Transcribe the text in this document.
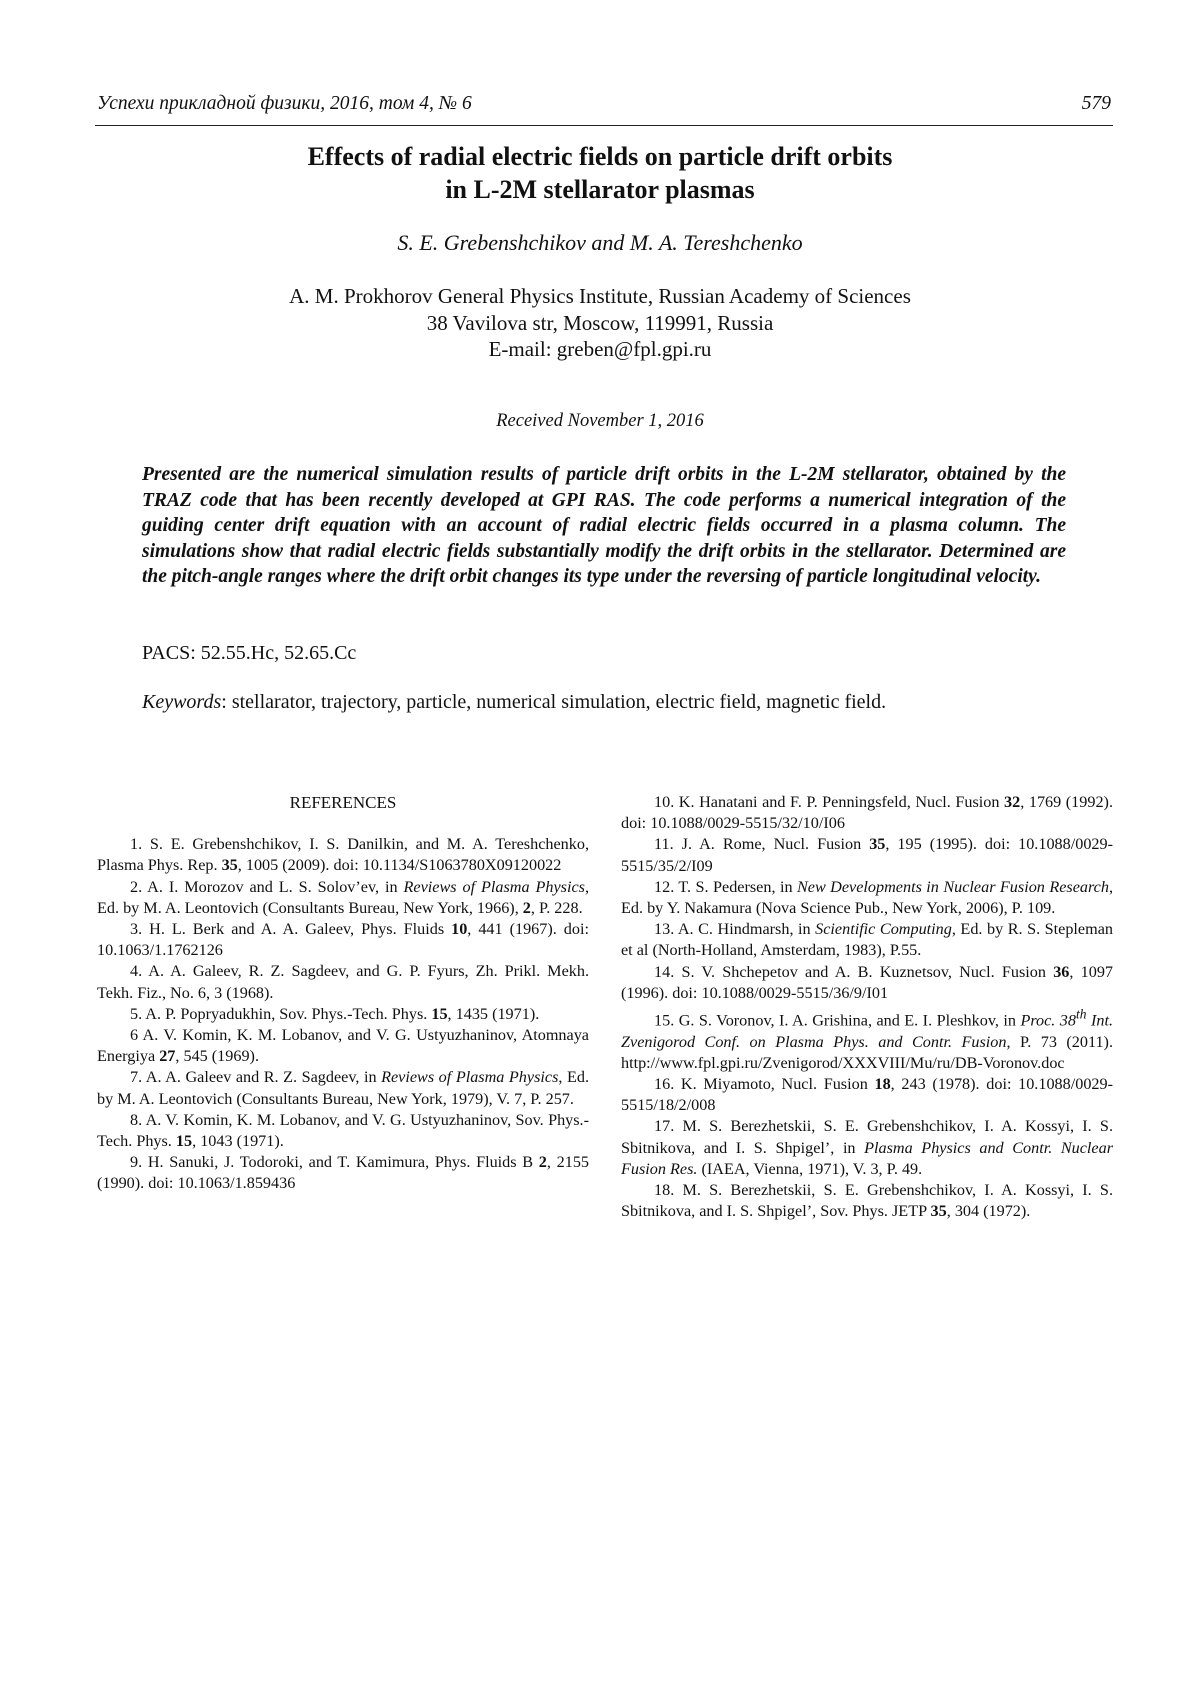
Успехи прикладной физики, 2016, том 4, № 6	579
Effects of radial electric fields on particle drift orbits
in L-2M stellarator plasmas
S. E. Grebenshchikov and M. A. Tereshchenko
A. M. Prokhorov General Physics Institute, Russian Academy of Sciences
38 Vavilova str, Moscow, 119991, Russia
E-mail: greben@fpl.gpi.ru
Received November 1, 2016
Presented are the numerical simulation results of particle drift orbits in the L-2M stellarator, obtained by the TRAZ code that has been recently developed at GPI RAS. The code performs a numerical integration of the guiding center drift equation with an account of radial electric fields occurred in a plasma column. The simulations show that radial electric fields substantially modify the drift orbits in the stellarator. Determined are the pitch-angle ranges where the drift orbit changes its type under the reversing of particle longitudinal velocity.
PACS: 52.55.Hc, 52.65.Cc
Keywords: stellarator, trajectory, particle, numerical simulation, electric field, magnetic field.
REFERENCES

1. S. E. Grebenshchikov, I. S. Danilkin, and M. A. Tereshchenko, Plasma Phys. Rep. 35, 1005 (2009). doi: 10.1134/S1063780X09120022

2. A. I. Morozov and L. S. Solov’ev, in Reviews of Plasma Physics, Ed. by M. A. Leontovich (Consultants Bureau, New York, 1966), 2, P. 228.

3. H. L. Berk and A. A. Galeev, Phys. Fluids 10, 441 (1967). doi: 10.1063/1.1762126

4. A. A. Galeev, R. Z. Sagdeev, and G. P. Fyurs, Zh. Prikl. Mekh. Tekh. Fiz., No. 6, 3 (1968).

5. A. P. Popryadukhin, Sov. Phys.-Tech. Phys. 15, 1435 (1971).

6 A. V. Komin, K. M. Lobanov, and V. G. Ustyuzhaninov, Atomnaya Energiya 27, 545 (1969).

7. A. A. Galeev and R. Z. Sagdeev, in Reviews of Plasma Physics, Ed. by M. A. Leontovich (Consultants Bureau, New York, 1979), V. 7, P. 257.

8. A. V. Komin, K. M. Lobanov, and V. G. Ustyuzhaninov, Sov. Phys.-Tech. Phys. 15, 1043 (1971).

9. H. Sanuki, J. Todoroki, and T. Kamimura, Phys. Fluids B 2, 2155 (1990). doi: 10.1063/1.859436

10. K. Hanatani and F. P. Penningsfeld, Nucl. Fusion 32, 1769 (1992). doi: 10.1088/0029-5515/32/10/I06

11. J. A. Rome, Nucl. Fusion 35, 195 (1995). doi: 10.1088/0029-5515/35/2/I09

12. T. S. Pedersen, in New Developments in Nuclear Fusion Research, Ed. by Y. Nakamura (Nova Science Pub., New York, 2006), P. 109.

13. A. C. Hindmarsh, in Scientific Computing, Ed. by R. S. Stepleman et al (North-Holland, Amsterdam, 1983), P.55.

14. S. V. Shchepetov and A. B. Kuznetsov, Nucl. Fusion 36, 1097 (1996). doi: 10.1088/0029-5515/36/9/I01

15. G. S. Voronov, I. A. Grishina, and E. I. Pleshkov, in Proc. 38th Int. Zvenigorod Conf. on Plasma Phys. and Contr. Fusion, P. 73 (2011). http://www.fpl.gpi.ru/Zvenigorod/XXXVIII/Mu/ru/DB-Voronov.doc

16. K. Miyamoto, Nucl. Fusion 18, 243 (1978). doi: 10.1088/0029-5515/18/2/008

17. M. S. Berezhetskii, S. E. Grebenshchikov, I. A. Kossyi, I. S. Sbitnikova, and I. S. Shpigel’, in Plasma Physics and Contr. Nuclear Fusion Res. (IAEA, Vienna, 1971), V. 3, P. 49.

18. M. S. Berezhetskii, S. E. Grebenshchikov, I. A. Kossyi, I. S. Sbitnikova, and I. S. Shpigel’, Sov. Phys. JETP 35, 304 (1972).
